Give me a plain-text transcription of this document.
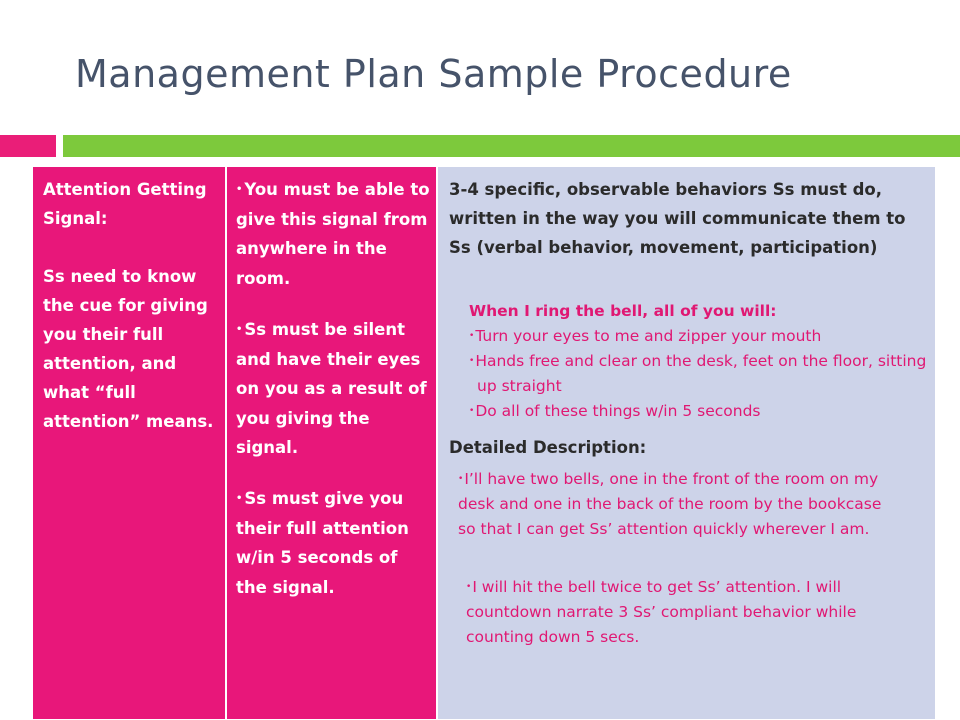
Management Plan Sample Procedure

Attention Getting Signal:

Ss need to know the cue for giving you their full attention, and what “full attention” means.

• You must be able to give this signal from anywhere in the room.
• Ss must be silent and have their eyes on you as a result of you giving the signal.
• Ss must give you their full attention w/in 5 seconds of the signal.
3-4 specific, observable behaviors Ss must do, written in the way you will communicate them to Ss (verbal behavior, movement, participation)
When I ring the bell, all of you will:
•Turn your eyes to me and zipper your mouth
•Hands free and clear on the desk, feet on the floor, sitting up straight
•Do all of these things w/in 5 seconds
Detailed Description:
•I’ll have two bells, one in the front of the room on my desk and one in the back of the room by the bookcase so that I can get Ss’ attention quickly wherever I am.
•I will hit the bell twice to get Ss’ attention. I will countdown narrate 3 Ss’ compliant behavior while counting down 5 secs.
